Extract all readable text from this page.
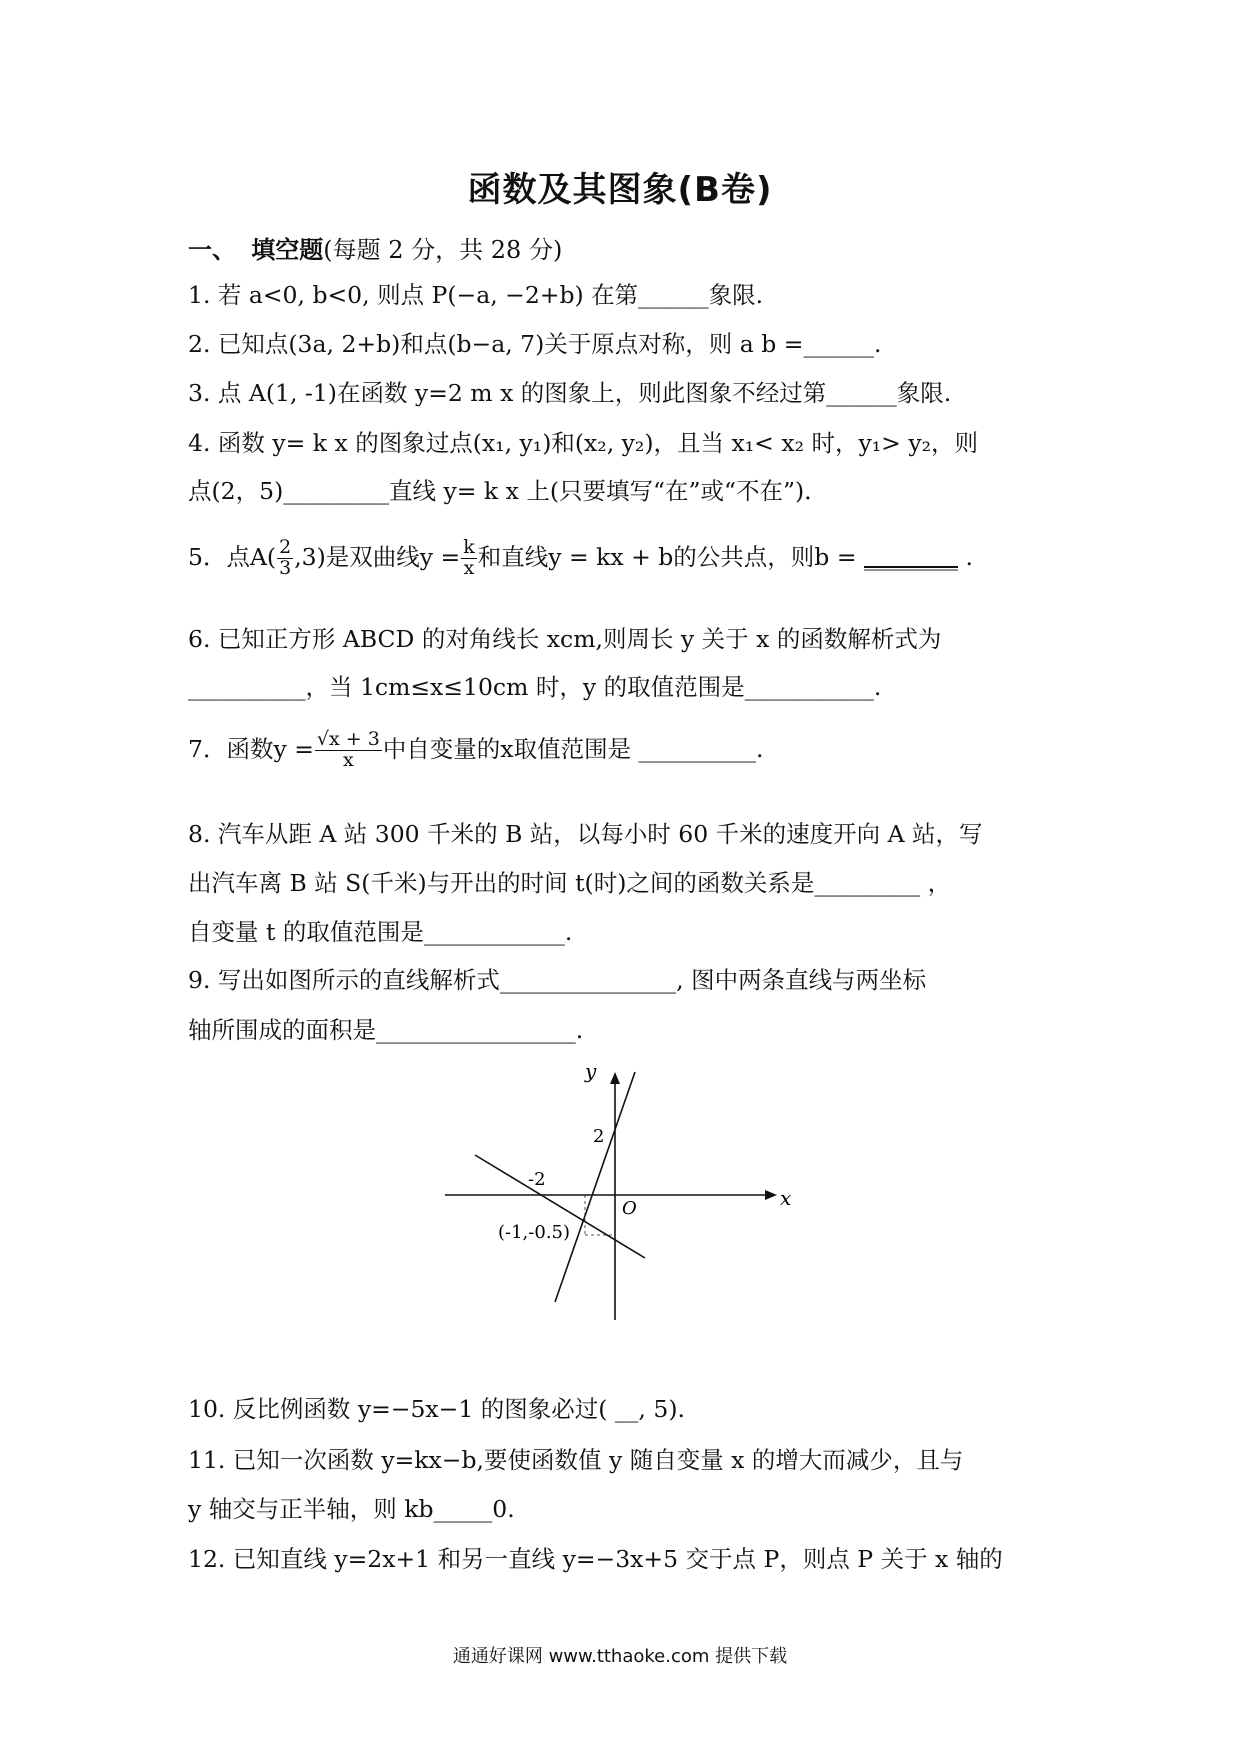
函数及其图象(B卷)
一、 填空题(每题 2 分，共 28 分)
1. 若 a<0, b<0, 则点 P(−a, −2+b) 在第______象限.
2. 已知点(3a, 2+b)和点(b−a, 7)关于原点对称，则 a b =______.
3. 点 A(1, -1)在函数 y=2 m x 的图象上，则此图象不经过第______象限.
4. 函数 y= k x 的图象过点(x₁, y₁)和(x₂, y₂)，且当 x₁< x₂ 时，y₁> y₂，则
点(2，5)_________直线 y= k x 上(只要填写“在”或“不在”)．
5．点$A( \frac{2}{3} ,3)$是双曲线$y = \frac{k}{x}$ 和直线y = kx + b的公共点，则b = ________ .
6. 已知正方形 ABCD 的对角线长 xcm,则周长 y 关于 x 的函数解析式为
__________，当 1cm≤x≤10cm 时，y 的取值范围是___________.
7．函数$y = \frac{√x + 3}{x}$ 中自变量的x取值范围是 __________.
8. 汽车从距 A 站 300 千米的 B 站，以每小时 60 千米的速度开向 A 站，写
出汽车离 B 站 S(千米)与开出的时间 t(时)之间的函数关系是_________ ，
自变量 t 的取值范围是____________.
9. 写出如图所示的直线解析式_______________, 图中两条直线与两坐标
轴所围成的面积是_________________.
y
x
O
2
-2
(-1,-0.5)
10. 反比例函数 y=−5x−1 的图象必过( __, 5).
11. 已知一次函数 y=kx−b,要使函数值 y 随自变量 x 的增大而减少，且与
y 轴交与正半轴，则 kb_____0.
12. 已知直线 y=2x+1 和另一直线 y=−3x+5 交于点 P，则点 P 关于 x 轴的
通通好课网 www.tthaoke.com 提供下载
